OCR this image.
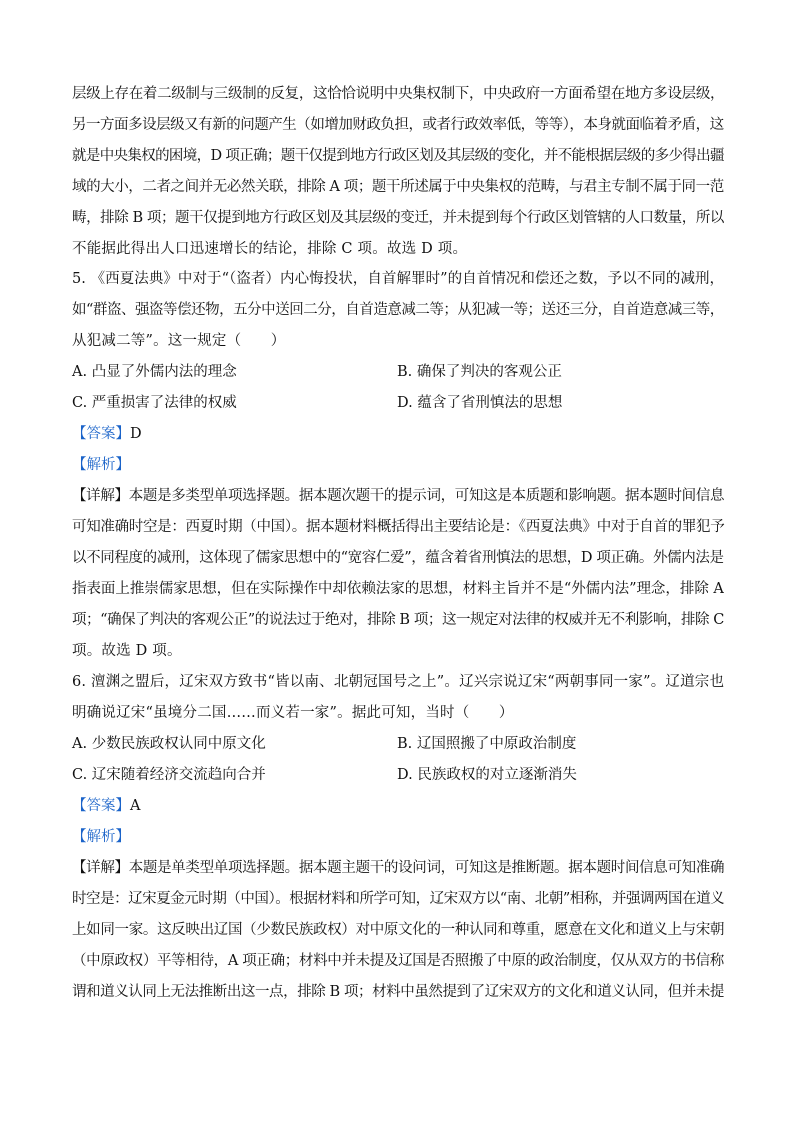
层级上存在着二级制与三级制的反复，这恰恰说明中央集权制下，中央政府一方面希望在地方多设层级，
另一方面多设层级又有新的问题产生（如增加财政负担，或者行政效率低，等等），本身就面临着矛盾，这
就是中央集权的困境，D 项正确；题干仅提到地方行政区划及其层级的变化，并不能根据层级的多少得出疆
域的大小，二者之间并无必然关联，排除 A 项；题干所述属于中央集权的范畴，与君主专制不属于同一范
畴，排除 B 项；题干仅提到地方行政区划及其层级的变迁，并未提到每个行政区划管辖的人口数量，所以
不能据此得出人口迅速增长的结论，排除 C 项。故选 D 项。
5. 《西夏法典》中对于“（盗者）内心悔投状，自首解罪时”的自首情况和偿还之数，予以不同的减刑，
如“群盗、强盗等偿还物，五分中送回二分，自首造意减二等；从犯减一等；送还三分，自首造意减三等，
从犯减二等”。这一规定（　　）
A. 凸显了外儒内法的理念	B. 确保了判决的客观公正
C. 严重损害了法律的权威	D. 蕴含了省刑慎法的思想
【答案】D
【解析】
【详解】本题是多类型单项选择题。据本题次题干的提示词，可知这是本质题和影响题。据本题时间信息
可知准确时空是：西夏时期（中国）。据本题材料概括得出主要结论是：《西夏法典》中对于自首的罪犯予
以不同程度的减刑，这体现了儒家思想中的“宽容仁爱”，蕴含着省刑慎法的思想，D 项正确。外儒内法是
指表面上推崇儒家思想，但在实际操作中却依赖法家的思想，材料主旨并不是“外儒内法”理念，排除 A
项；“确保了判决的客观公正”的说法过于绝对，排除 B 项；这一规定对法律的权威并无不利影响，排除 C
项。故选 D 项。
6. 澶渊之盟后，辽宋双方致书“皆以南、北朝冠国号之上”。辽兴宗说辽宋“两朝事同一家”。辽道宗也
明确说辽宋“虽境分二国……而义若一家”。据此可知，当时（　　）
A. 少数民族政权认同中原文化	B. 辽国照搬了中原政治制度
C. 辽宋随着经济交流趋向合并	D. 民族政权的对立逐渐消失
【答案】A
【解析】
【详解】本题是单类型单项选择题。据本题主题干的设问词，可知这是推断题。据本题时间信息可知准确
时空是：辽宋夏金元时期（中国）。根据材料和所学可知，辽宋双方以“南、北朝”相称，并强调两国在道义
上如同一家。这反映出辽国（少数民族政权）对中原文化的一种认同和尊重，愿意在文化和道义上与宋朝
（中原政权）平等相待，A 项正确；材料中并未提及辽国是否照搬了中原的政治制度，仅从双方的书信称
谓和道义认同上无法推断出这一点，排除 B 项；材料中虽然提到了辽宋双方的文化和道义认同，但并未提
